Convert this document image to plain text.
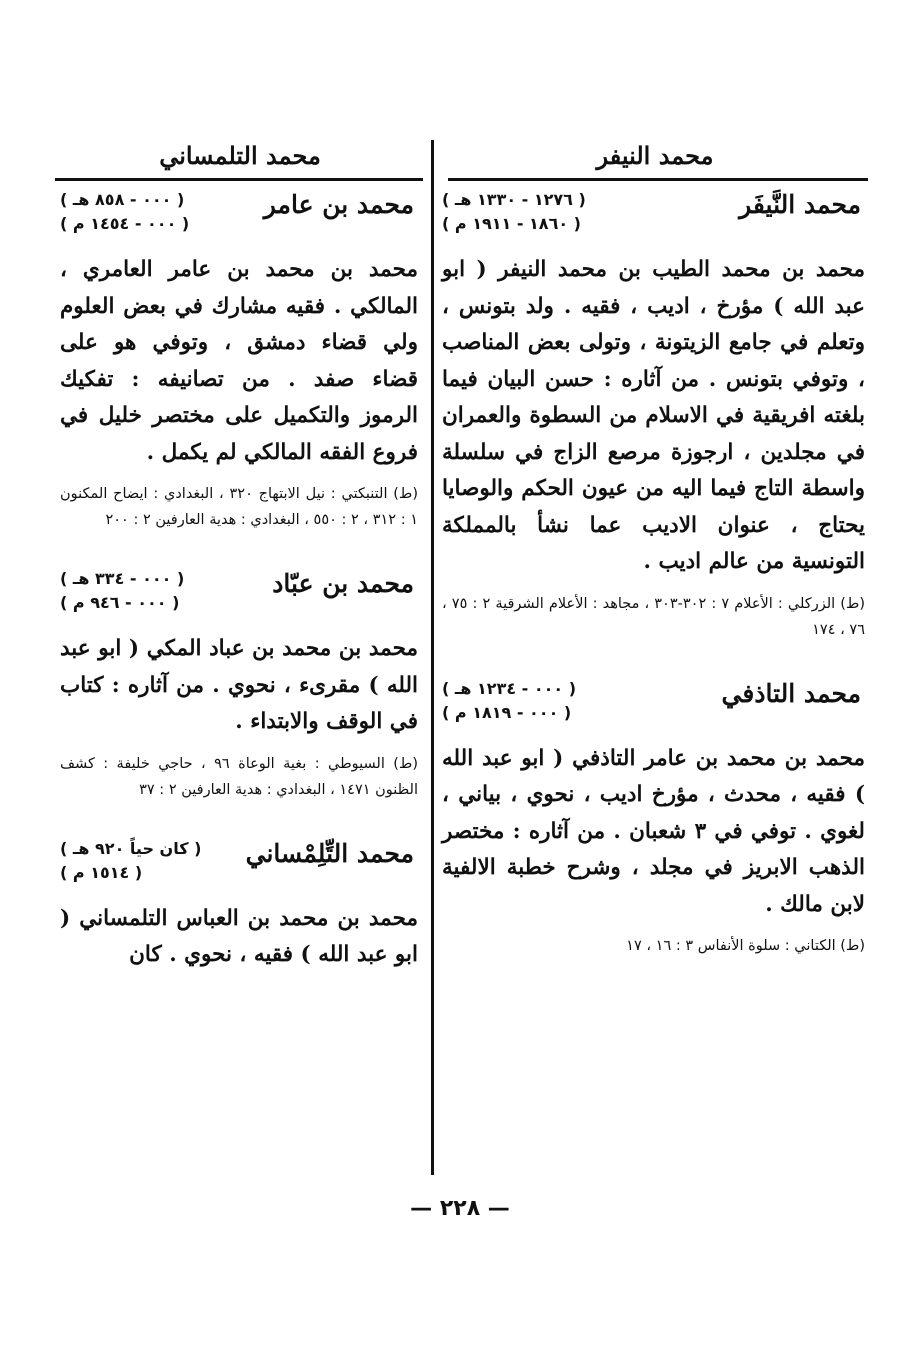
محمد النيفر
محمد التلمساني
محمد النَّيفَر
( ١٢٧٦ - ١٣٣٠ هـ )
( ١٨٦٠ - ١٩١١ م )
محمد بن محمد الطيب بن محمد النيفر ( ابو عبد الله ) مؤرخ ، اديب ، فقيه . ولد بتونس ، وتعلم في جامع الزيتونة ، وتولى بعض المناصب ، وتوفي بتونس . من آثاره : حسن البيان فيما بلغته افريقية في الاسلام من السطوة والعمران في مجلدين ، ارجوزة مرصع الزاج في سلسلة واسطة التاج فيما اليه من عيون الحكم والوصايا يحتاج ، عنوان الاديب عما نشأ بالمملكة التونسية من عالم اديب .
(ط) الزركلي : الأعلام ٧ : ٣٠٢-٣٠٣ ، مجاهد : الأعلام الشرقية ٢ : ٧٥ ، ٧٦ ، ١٧٤
محمد التاذفي
( ٠٠٠ - ١٢٣٤ هـ )
( ٠٠٠ - ١٨١٩ م )
محمد بن محمد بن عامر التاذفي ( ابو عبد الله ) فقيه ، محدث ، مؤرخ اديب ، نحوي ، بياني ، لغوي . توفي في ٣ شعبان . من آثاره : مختصر الذهب الابريز في مجلد ، وشرح خطبة الالفية لابن مالك .
(ط) الكتاني : سلوة الأنفاس ٣ : ١٦ ، ١٧
محمد بن عامر
( ٠٠٠ - ٨٥٨ هـ )
( ٠٠٠ - ١٤٥٤ م )
محمد بن محمد بن عامر العامري ، المالكي . فقيه مشارك في بعض العلوم ولي قضاء دمشق ، وتوفي هو على قضاء صفد . من تصانيفه : تفكيك الرموز والتكميل على مختصر خليل في فروع الفقه المالكي لم يكمل .
(ط) التنبكتي : نيل الابتهاج ٣٢٠ ، البغدادي : ايضاح المكنون ١ : ٣١٢ ، ٢ : ٥٥٠ ، البغدادي : هدية العارفين ٢ : ٢٠٠
محمد بن عبّاد
( ٠٠٠ - ٣٣٤ هـ )
( ٠٠٠ - ٩٤٦ م )
محمد بن محمد بن عباد المكي ( ابو عبد الله ) مقرىء ، نحوي . من آثاره : كتاب في الوقف والابتداء .
(ط) السيوطي : بغية الوعاة ٩٦ ، حاجي خليفة : كشف الظنون ١٤٧١ ، البغدادي : هدية العارفين ٢ : ٣٧
محمد التِّلِمْساني
( كان حياً ٩٢٠ هـ )
( ١٥١٤ م )
محمد بن محمد بن العباس التلمساني ( ابو عبد الله ) فقيه ، نحوي . كان
— ٢٢٨ —
